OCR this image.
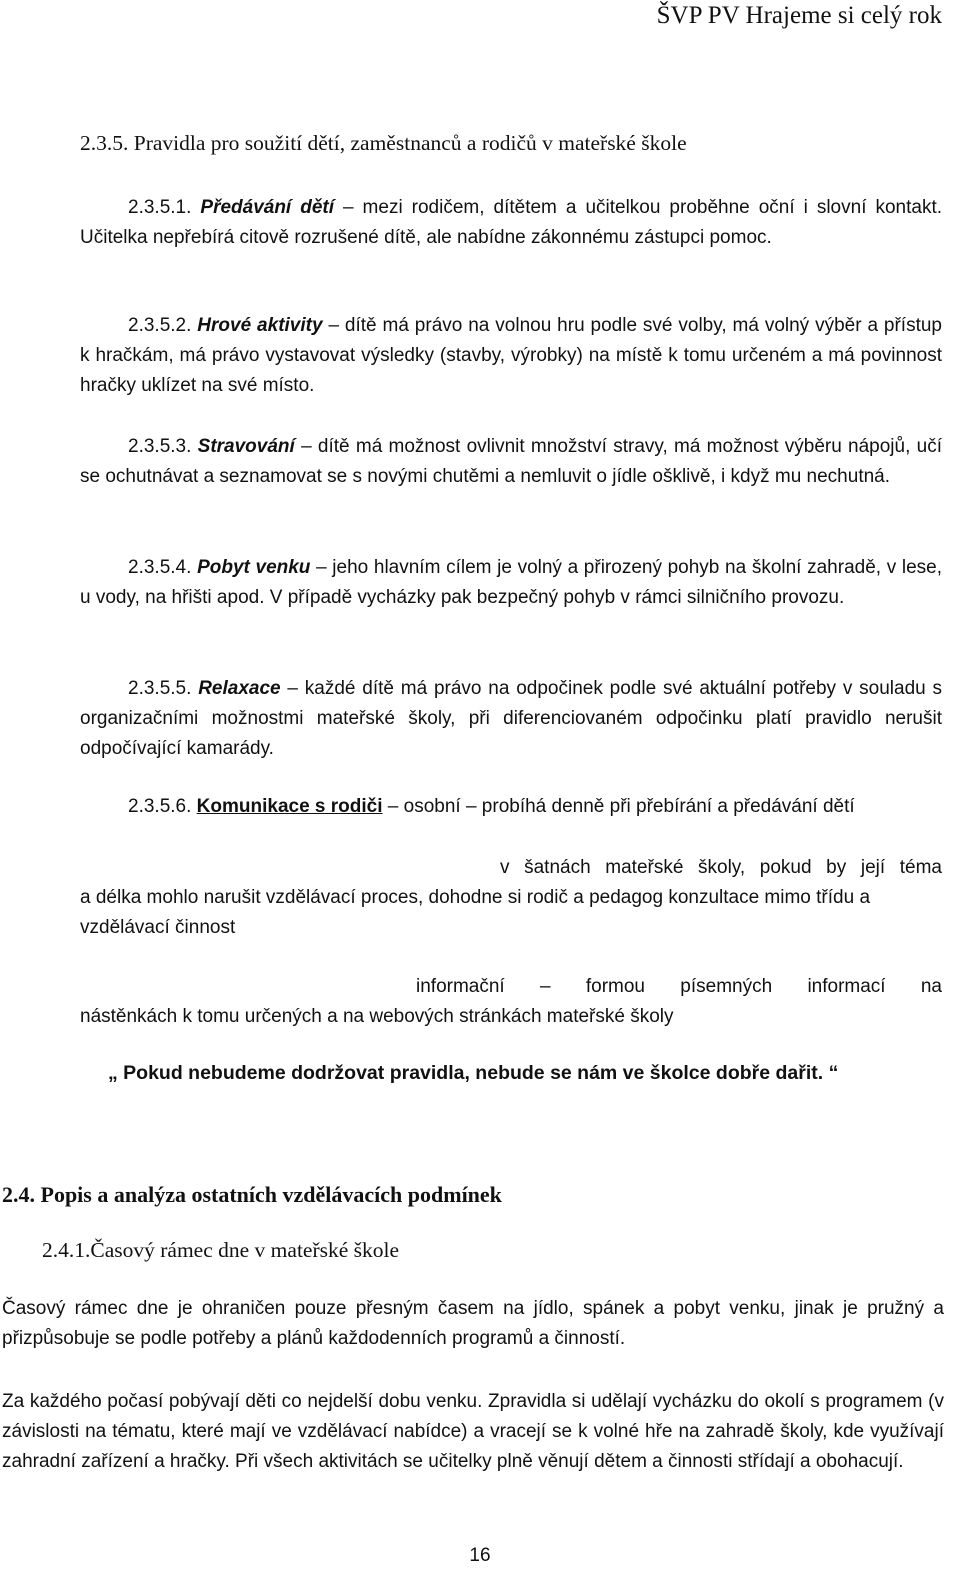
ŠVP PV Hrajeme si celý rok
2.3.5. Pravidla pro soužití dětí, zaměstnanců a rodičů v mateřské škole
2.3.5.1. Předávání dětí – mezi rodičem, dítětem a učitelkou proběhne oční i slovní kontakt. Učitelka nepřebírá citově rozrušené dítě, ale nabídne zákonnému zástupci pomoc.
2.3.5.2. Hrové aktivity – dítě má právo na volnou hru podle své volby, má volný výběr a přístup k hračkám, má právo vystavovat výsledky (stavby, výrobky) na místě k tomu určeném a má povinnost hračky uklízet na své místo.
2.3.5.3. Stravování – dítě má možnost ovlivnit množství stravy, má možnost výběru nápojů, učí se ochutnávat a seznamovat se s novými chutěmi a nemluvit o jídle ošklivě, i když mu nechutná.
2.3.5.4. Pobyt venku – jeho hlavním cílem je volný a přirozený pohyb na školní zahradě, v lese, u vody, na hřišti apod. V případě vycházky pak bezpečný pohyb v rámci silničního provozu.
2.3.5.5. Relaxace – každé dítě má právo na odpočinek podle své aktuální potřeby v souladu s organizačními možnostmi mateřské školy, při diferenciovaném odpočinku platí pravidlo nerušit odpočívající kamarády.
2.3.5.6. Komunikace s rodiči – osobní – probíhá denně při přebírání a předávání dětí
v šatnách mateřské školy, pokud by její téma
a délka mohlo narušit vzdělávací proces, dohodne si rodič a pedagog konzultace mimo třídu a vzdělávací činnost
informační – formou písemných informací na
nástěnkách k tomu určených a na webových stránkách mateřské školy
„ Pokud nebudeme dodržovat pravidla, nebude se nám ve školce dobře dařit. “
2.4. Popis a analýza ostatních vzdělávacích podmínek
2.4.1.Časový rámec dne v mateřské škole
Časový rámec dne je ohraničen pouze přesným časem na jídlo, spánek a pobyt venku, jinak je pružný a přizpůsobuje se podle potřeby a plánů každodenních programů a činností.
Za každého počasí pobývají děti co nejdelší dobu venku. Zpravidla si udělají vycházku do okolí s programem (v závislosti na tématu, které mají ve vzdělávací nabídce) a vracejí se k volné hře na zahradě školy, kde využívají zahradní zařízení a hračky. Při všech aktivitách se učitelky plně věnují dětem a činnosti střídají a obohacují.
16
